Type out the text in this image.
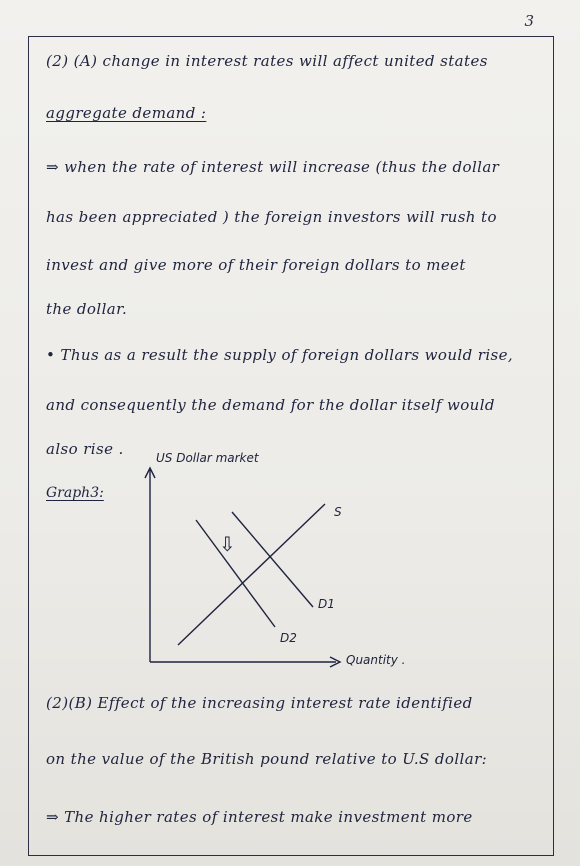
3
(2) (A) change in interest rates will affect united states
aggregate demand :
⇒ when the rate of interest will increase (thus the dollar
has been appreciated ) the foreign investors will rush to
invest and give more of their foreign dollars to meet
the dollar.
• Thus as a result the supply of foreign dollars would rise,
and consequently the demand for the dollar itself would
also rise .
Graph3:
US Dollar market
S
D1
D2
Quantity .
⇩
(2)(B) Effect of the increasing interest rate identified
on the value of the British pound relative to U.S dollar:
⇒ The higher rates of interest make investment more
